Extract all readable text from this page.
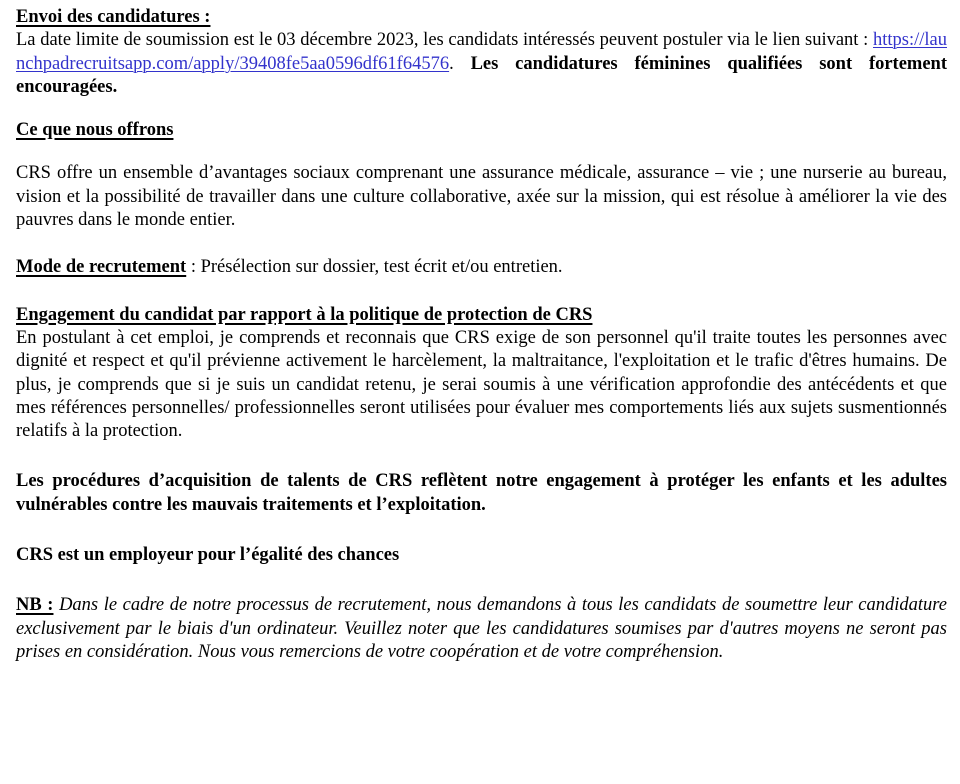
Envoi des candidatures :

La date limite de soumission est le 03 décembre 2023, les candidats intéressés peuvent postuler via le lien suivant : https://launchpadrecruitsapp.com/apply/39408fe5aa0596df61f64576. Les candidatures féminines qualifiées sont fortement encouragées.

Ce que nous offrons

CRS offre un ensemble d’avantages sociaux comprenant une assurance médicale, assurance – vie ; une nurserie au bureau, vision et la possibilité de travailler dans une culture collaborative, axée sur la mission, qui est résolue à améliorer la vie des pauvres dans le monde entier.

Mode de recrutement : Présélection sur dossier, test écrit et/ou entretien.

Engagement du candidat par rapport à la politique de protection de CRS

En postulant à cet emploi, je comprends et reconnais que CRS exige de son personnel qu'il traite toutes les personnes avec dignité et respect et qu'il prévienne activement le harcèlement, la maltraitance, l'exploitation et le trafic d'êtres humains. De plus, je comprends que si je suis un candidat retenu, je serai soumis à une vérification approfondie des antécédents et que mes références personnelles/ professionnelles seront utilisées pour évaluer mes comportements liés aux sujets susmentionnés relatifs à la protection.

Les procédures d’acquisition de talents de CRS reflètent notre engagement à protéger les enfants et les adultes vulnérables contre les mauvais traitements et l’exploitation.

CRS est un employeur pour l’égalité des chances

NB : Dans le cadre de notre processus de recrutement, nous demandons à tous les candidats de soumettre leur candidature exclusivement par le biais d'un ordinateur. Veuillez noter que les candidatures soumises par d'autres moyens ne seront pas prises en considération. Nous vous remercions de votre coopération et de votre compréhension.
